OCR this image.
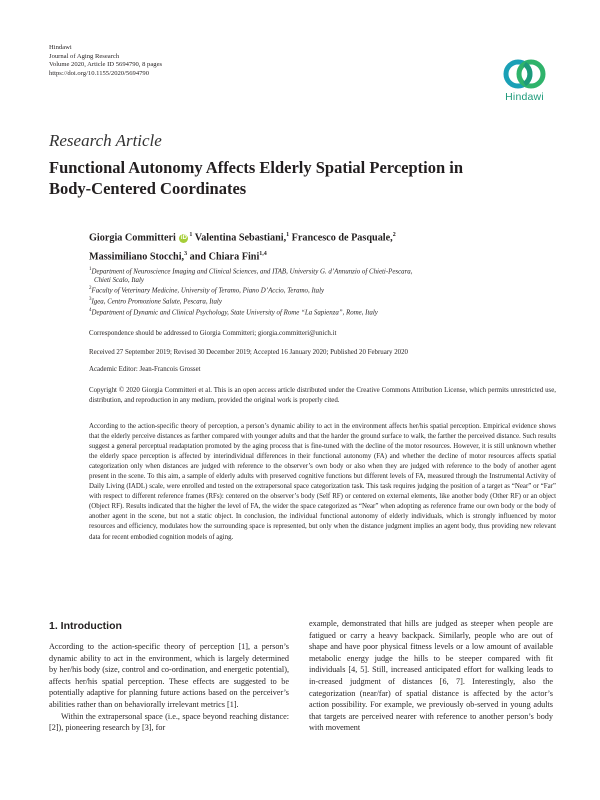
Hindawi
Journal of Aging Research
Volume 2020, Article ID 5694790, 8 pages
https://doi.org/10.1155/2020/5694790
Hindawi
Research Article
Functional Autonomy Affects Elderly Spatial Perception in
Body-Centered Coordinates
Giorgia Committeri $iD^1$ Valentina Sebastiani,$^1$ Francesco de Pasquale,$^2$
Massimiliano Stocchi,$^3$ and Chiara Fini$^{1,4}$
$^1$Department of Neuroscience Imaging and Clinical Sciences, and ITAB, University G. d’Annunzio of Chieti-Pescara,
Chieti Scalo, Italy
$^2$Faculty of Veterinary Medicine, University of Teramo, Piano D’Accio, Teramo, Italy
$^3$Igea, Centro Promozione Salute, Pescara, Italy
$^4$Department of Dynamic and Clinical Psychology, State University of Rome “La Sapienza”, Rome, Italy
Correspondence should be addressed to Giorgia Committeri; giorgia.committeri@unich.it
Received 27 September 2019; Revised 30 December 2019; Accepted 16 January 2020; Published 20 February 2020
Academic Editor: Jean-Francois Grosset
Copyright © 2020 Giorgia Committeri et al. This is an open access article distributed under the Creative Commons Attribution License, which permits unrestricted use, distribution, and reproduction in any medium, provided the original work is properly cited.
According to the action-specific theory of perception, a person’s dynamic ability to act in the environment affects her/his spatial perception. Empirical evidence shows that the elderly perceive distances as farther compared with younger adults and that the harder the ground surface to walk, the farther the perceived distance. Such results suggest a general perceptual readaptation promoted by the aging process that is fine-tuned with the decline of the motor resources. However, it is still unknown whether the elderly space perception is affected by interindividual differences in their functional autonomy (FA) and whether the decline of motor resources affects spatial categorization only when distances are judged with reference to the observer’s own body or also when they are judged with reference to the body of another agent present in the scene. To this aim, a sample of elderly adults with preserved cognitive functions but different levels of FA, measured through the Instrumental Activity of Daily Living (IADL) scale, were enrolled and tested on the extrapersonal space categorization task. This task requires judging the position of a target as “Near” or “Far” with respect to different reference frames (RFs): centered on the observer’s body (Self RF) or centered on external elements, like another body (Other RF) or an object (Object RF). Results indicated that the higher the level of FA, the wider the space categorized as “Near” when adopting as reference frame our own body or the body of another agent in the scene, but not a static object. In conclusion, the individual functional autonomy of elderly individuals, which is strongly influenced by motor resources and efficiency, modulates how the surrounding space is represented, but only when the distance judgment implies an agent body, thus providing new relevant data for recent embodied cognition models of aging.
1. Introduction

According to the action-specific theory of perception [1], a person’s dynamic ability to act in the environment, which is largely determined by her/his body (size, control and co-ordination, and energetic potential), affects her/his spatial perception. These effects are suggested to be potentially adaptive for planning future actions based on the perceiver’s abilities rather than on behaviorally irrelevant metrics [1].

Within the extrapersonal space (i.e., space beyond reaching distance: [2]), pioneering research by [3], for

example, demonstrated that hills are judged as steeper when people are fatigued or carry a heavy backpack. Similarly, people who are out of shape and have poor physical fitness levels or a low amount of available metabolic energy judge the hills to be steeper compared with fit individuals [4, 5]. Still, increased anticipated effort for walking leads to in-creased judgment of distances [6, 7]. Interestingly, also the categorization (near/far) of spatial distance is affected by the actor’s action possibility. For example, we previously ob-served in young adults that targets are perceived nearer with reference to another person’s body with movement
